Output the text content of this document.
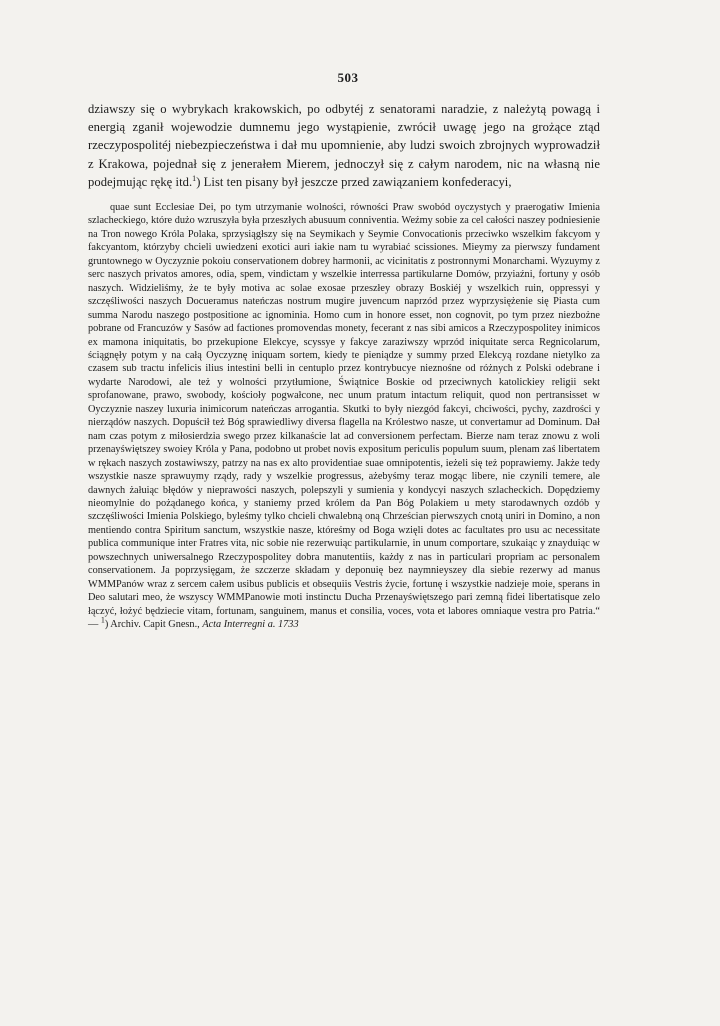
503

dziawszy się o wybrykach krakowskich, po odbytéj z senatorami naradzie, z należytą powagą i energią zganił wojewodzie dumnemu jego wystąpienie, zwrócił uwagę jego na grożące ztąd rzeczypospolitéj niebezpieczeństwa i dał mu upomnienie, aby ludzi swoich zbrojnych wyprowadził z Krakowa, pojednał się z jenerałem Mierem, jednoczył się z całym narodem, nic na własną nie podejmując rękę itd.$^1$) List ten pisany był jeszcze przed zawiązaniem konfederacyi,

quae sunt Ecclesiae Dei, po tym utrzymanie wolności, równości Praw swobód oyczystych y praerogatiw Imienia szlacheckiego, które dużo wzruszyła była przeszłych abusuum conniventia. Weźmy sobie za cel całości naszey podniesienie na Tron nowego Króla Polaka, sprzysiągłszy się na Seymikach y Seymie Convocationis przeciwko wszelkim fakcyom y fakcyantom, którzyby chcieli uwiedzeni exotici auri iakie nam tu wyrabiać scissiones. Mieymy za pierwszy fundament gruntownego w Oyczyznie pokoiu conservationem dobrey harmonii, ac vicinitatis z postronnymi Monarchami. Wyzuymy z serc naszych privatos amores, odia, spem, vindictam y wszelkie interressa partikularne Domów, przyiaźni, fortuny y osób naszych. Widzieliśmy, że te były motiva ac solae exosae przeszłey obrazy Boskiéj y wszelkich ruin, oppressyi y szczęśliwości naszych Docueramus nateńczas nostrum mugire juvencum naprzód przez wyprzysiężenie się Piasta cum summa Narodu naszego postpositione ac ignominia. Homo cum in honore esset, non cognovit, po tym przez niezbożne pobrane od Francuzów y Sasów ad factiones promovendas monety, fecerant z nas sibi amicos a Rzeczypospolitey inimicos ex mamona iniquitatis, bo przekupione Elekcye, scyssye y fakcye zaraziwszy wprzód iniquitate serca Regnicolarum, ściągnęły potym y na całą Oyczyznę iniquam sortem, kiedy te pieniądze y summy przed Elekcyą rozdane nietylko za czasem sub tractu infelicis ilius intestini belli in centuplo przez kontrybucye nieznośne od różnych z Polski odebrane i wydarte Narodowi, ale też y wolności przytłumione, Świątnice Boskie od przeciwnych katolickiey religii sekt sprofanowane, prawo, swobody, kościoły pogwałcone, nec unum pratum intactum reliquit, quod non pertransisset w Oyczyznie naszey luxuria inimicorum nateńczas arrogantia. Skutki to były niezgód fakcyi, chciwości, pychy, zazdrości y nierządów naszych. Dopuścił też Bóg sprawiedliwy diversa flagella na Królestwo nasze, ut convertamur ad Dominum. Dał nam czas potym z miłosierdzia swego przez kilkanaście lat ad conversionem perfectam. Bierze nam teraz znowu z woli przenayświętszey swoiey Króla y Pana, podobno ut probet novis expositum periculis populum suum, plenam zaś libertatem w rękach naszych zostawiwszy, patrzy na nas ex alto providentiae suae omnipotentis, ieżeli się też poprawiemy. Jakże tedy wszystkie nasze sprawuymy rządy, rady y wszelkie progressus, ażebyśmy teraz mogąc libere, nie czynili temere, ale dawnych żałuiąc błędów y nieprawości naszych, polepszyli y sumienia y kondycyi naszych szlacheckich. Dopędziemy nieomylnie do pożądanego końca, y staniemy przed królem da Pan Bóg Polakiem u mety starodawnych ozdób y szczęśliwości Imienia Polskiego, byleśmy tylko chcieli chwalebną oną Chrześcian pierwszych cnotą uniri in Domino, a non mentiendo contra Spiritum sanctum, wszystkie nasze, któreśmy od Boga wzięli dotes ac facultates pro usu ac necessitate publica communique inter Fratres vita, nic sobie nie rezerwuiąc partikularnie, in unum comportare, szukaiąc y znayduiąc w powszechnych uniwersalnego Rzeczypospolitey dobra manutentiis, każdy z nas in particulari propriam ac personalem conservationem. Ja poprzysięgam, że szczerze składam y deponuię bez naymnieyszey dla siebie rezerwy ad manus WMMPanów wraz z sercem całem usibus publicis et obsequiis Vestris życie, fortunę i wszystkie nadzieje moie, sperans in Deo salutari meo, że wszyscy WMMPanowie moti instinctu Ducha Przenayświętszego pari zemną fidei libertatisque zelo łączyć, łożyć będziecie vitam, fortunam, sanguinem, manus et consilia, voces, vota et labores omniaque vestra pro Patria.“ — $^1$) Archiv. Capit Gnesn., Acta Interregni a. 1733
